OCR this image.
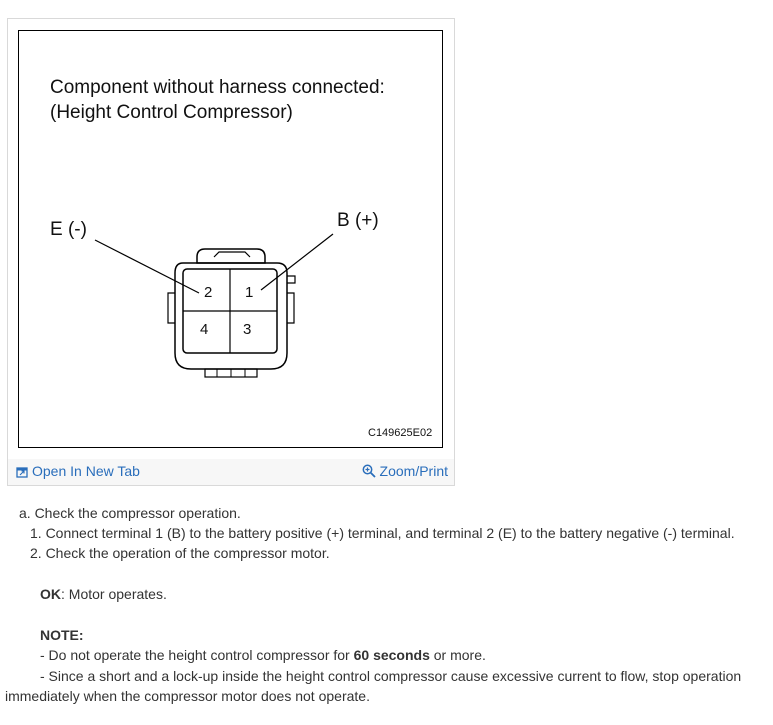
Component without harness connected:
(Height Control Compressor)
2 1
4 3
E (-)	B (+)
C149625E02
Open In New Tab	Zoom/Print
a. Check the compressor operation.
1. Connect terminal 1 (B) to the battery positive (+) terminal, and terminal 2 (E) to the battery negative (-) terminal.
2. Check the operation of the compressor motor.
OK: Motor operates.
NOTE:
- Do not operate the height control compressor for 60 seconds or more.
- Since a short and a lock-up inside the height control compressor cause excessive current to flow, stop operation
immediately when the compressor motor does not operate.
